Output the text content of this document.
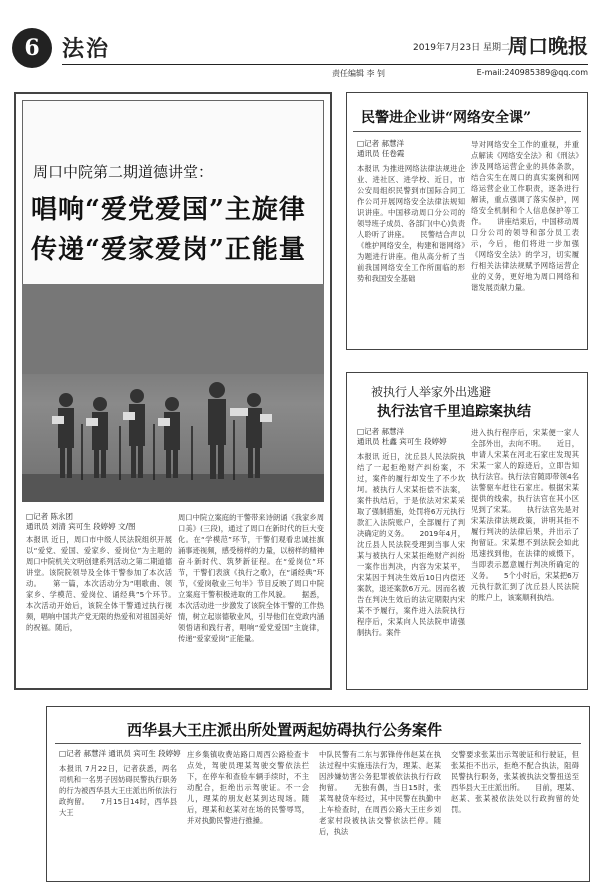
6	法治	2019年7月23日 星期二
周口晚报
责任编辑 李 钊	E-mail:240985389@qq.com
周口中院第二期道德讲堂：
唱响“爱党爱国”主旋律
传递“爱家爱岗”正能量
□记者 陈永团
通讯员 刘清 宾可生 段婷婷 文/图
本报讯 近日，周口市中级人民法院组织开展以“爱党、爱国、爱家乡、爱岗位”为主题的周口中院机关文明创建系列活动之第二期道德讲堂。该院院领导及全体干警参加了本次活动。　　第一篇，本次活动分为“唱歌曲、领家乡、学模范、爱岗位、诵经典”5个环节。　　本次活动开始后，该院全体干警通过执行视频，唱响中国共产党无限的热爱和对祖国美好的祝福。随后，
周口中院立案庭的干警带来诗朗诵《我家乡周口美》(三段)，通过了周口在新时代的巨大变化。在“学模范”环节，干警们观看忠诚挂旗涌事迹视频，感受榜样的力量，以榜样的精神奋斗新时代、筑梦新征程。在“爱岗位”环节，干警们表演《执行之歌》，在“诵经典”环节，《爱岗敬业三句半》节目反映了周口中院立案庭干警积极进取的工作风貌。　　据悉，本次活动进一步激发了该院全体干警的工作热情，树立起崇德敬业风，引导他们在党政内涵领悟诸和践行者，唱响“爱党爱国”主旋律，传递“爱家爱岗”正能量。
民警进企业讲“网络安全课”
□记者 郝慧洋
通讯员 任卷霞
本报讯 为推进网络法律法规进企业、进社区、进学校、近日，市公安局组织民警到市国际合同工作公司开展网络安全法律法规知识讲座。中国移动周口分公司的领导班子成员、各部门(中心)负责人聆听了讲座。　　民警结合声以《维护网络安全，构建和谐网络》为题进行讲座。他从高分析了当前我国网络安全工作所面临的形势和我国安全基础
导对网络安全工作的重视，并重点解读《网络安全法》和《刑法》涉及网络运营企业的具体条款，结合实生在周口的真实案例和网络运营企业工作职责，逐条进行解读，重点强调了落实保护，网络安全机制和个人信息保护等工作。　　讲座结束后，中国移动周口分公司的领导和部分员工表示，今后，他们将进一步加强《网络安全法》的学习，切实履行相关法律法规赋予网络运营企业的义务，更好地为周口网络和谐发展贡献力量。
被执行人举家外出逃避
执行法官千里追踪案执结
□记者 郝慧洋
通讯员 杜鑫 宾可生 段婷婷
本报讯 近日，沈丘县人民法院执结了一起拒绝财产纠纷案，不过，案件的履行却发生了不少坎坷。被执行人宋某拒偿不法案，案件执结后，于是依法对宋某采取了强制措施，处罚将6万元执行款汇入法院账户，全部履行了判决确定的义务。　　2019年4月，沈丘县人民法院受理到当事人宋某与被执行人宋某拒绝财产纠纷一案作出判决，内容为宋某平，宋某因于判决生效后10日内偿还案款，退还案款6万元。因而名被告在判决生效后的法定期限内宋某不予履行，案件进入法院执行程序后，宋某向人民法院申请强制执行。案件
进入执行程序后，宋某便一家人全部外出，去向不明。　　近日，申请人宋某在河北石家庄发现其宋某一家人的踪迹后，立即告知执行法官。执行法官随即带领4名法警驱车赶往石家庄。根据宋某提供的线索，执行法官在其小区见到了宋某。　　执行法官先是对宋某法律法规政策，讲明其拒不履行判决的法律后果，并出示了拘留证。宋某想不到法院会如此迅速找到他，在法律的威慑下，当即表示愿意履行判决所确定的义务。　　5个小时后，宋某把6万元执行款汇到了沈丘县人民法院的账户上，该案顺利执结。
西华县大王庄派出所处置两起妨碍执行公务案件
□记者 郝慧洋 通讯员 宾可生 段婷婷
本报讯 7月22日，记者获悉，两名司机和一名男子因妨碍民警执行职务的行为被西华县大王庄派出所依法行政拘留。　　7月15日14时，西华县大王
庄乡集镇收费站路口周西公路检查卡点处，驾驶员理某驾驶交警依法拦下，在停车和查验车辆手续时，不主动配合，拒绝出示驾驶证。不一会儿，理某的朋友赵某到达现场。随后，理某和赵某对在场的民警辱骂，并对执勤民警进行推搡。
中队民警有二东与郭锋侍伟赵某在执法过程中实施违法行为，理某、赵某因涉嫌妨害公务犯罪被依法执行行政拘留。　　无独有偶，当日15时，张某驾驶货车经过，其中民警在执勤中上车检查时，在周西公路大王庄乡刘老家村段被执法交警依法拦停。随后，执法
交警要求张某出示驾驶证和行驶证，但张某拒不出示，拒绝不配合执法，阻碍民警执行职务，张某被执法交警扭送至西华县大王庄派出所。　　目前，理某、赵某、张某被依法处以行政拘留的处罚。
